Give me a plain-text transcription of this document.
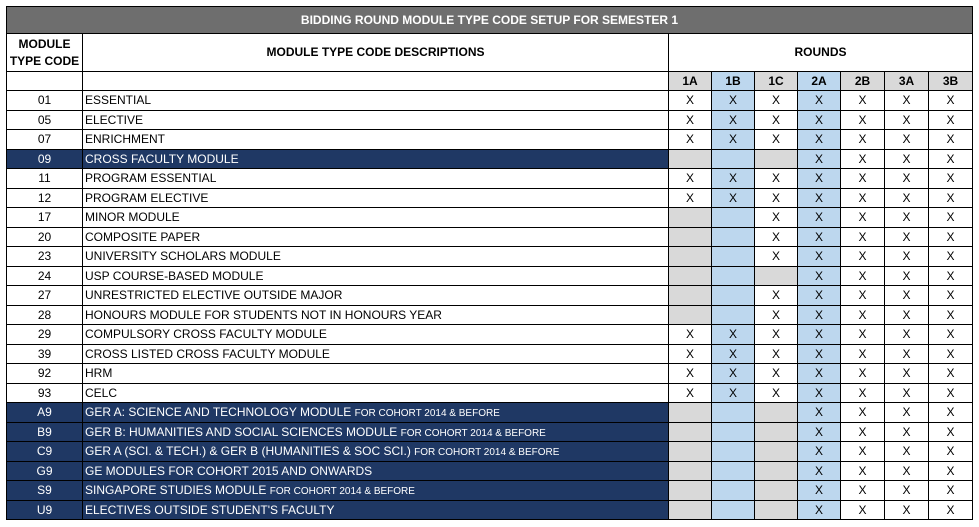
BIDDING ROUND MODULE TYPE CODE SETUP FOR SEMESTER 1								
MODULE
TYPE CODE	MODULE TYPE CODE DESCRIPTIONS	ROUNDS						
		1A	1B	1C	2A	2B	3A	3B
01	ESSENTIAL	X	X	X	X	X	X	X
05	ELECTIVE	X	X	X	X	X	X	X
07	ENRICHMENT	X	X	X	X	X	X	X
09	CROSS FACULTY MODULE				X	X	X	X
11	PROGRAM ESSENTIAL	X	X	X	X	X	X	X
12	PROGRAM ELECTIVE	X	X	X	X	X	X	X
17	MINOR MODULE			X	X	X	X	X
20	COMPOSITE PAPER			X	X	X	X	X
23	UNIVERSITY SCHOLARS MODULE			X	X	X	X	X
24	USP COURSE-BASED MODULE				X	X	X	X
27	UNRESTRICTED ELECTIVE OUTSIDE MAJOR			X	X	X	X	X
28	HONOURS MODULE FOR STUDENTS NOT IN HONOURS YEAR			X	X	X	X	X
29	COMPULSORY CROSS FACULTY MODULE	X	X	X	X	X	X	X
39	CROSS LISTED CROSS FACULTY MODULE	X	X	X	X	X	X	X
92	HRM	X	X	X	X	X	X	X
93	CELC	X	X	X	X	X	X	X
A9	GER A: SCIENCE AND TECHNOLOGY MODULE FOR COHORT 2014 & BEFORE				X	X	X	X
B9	GER B: HUMANITIES AND SOCIAL SCIENCES MODULE FOR COHORT 2014 & BEFORE				X	X	X	X
C9	GER A (SCI. & TECH.) & GER B (HUMANITIES & SOC SCI.) FOR COHORT 2014 & BEFORE				X	X	X	X
G9	GE MODULES FOR COHORT 2015 AND ONWARDS				X	X	X	X
S9	SINGAPORE STUDIES MODULE FOR COHORT 2014 & BEFORE				X	X	X	X
U9	ELECTIVES OUTSIDE STUDENT'S FACULTY				X	X	X	X
